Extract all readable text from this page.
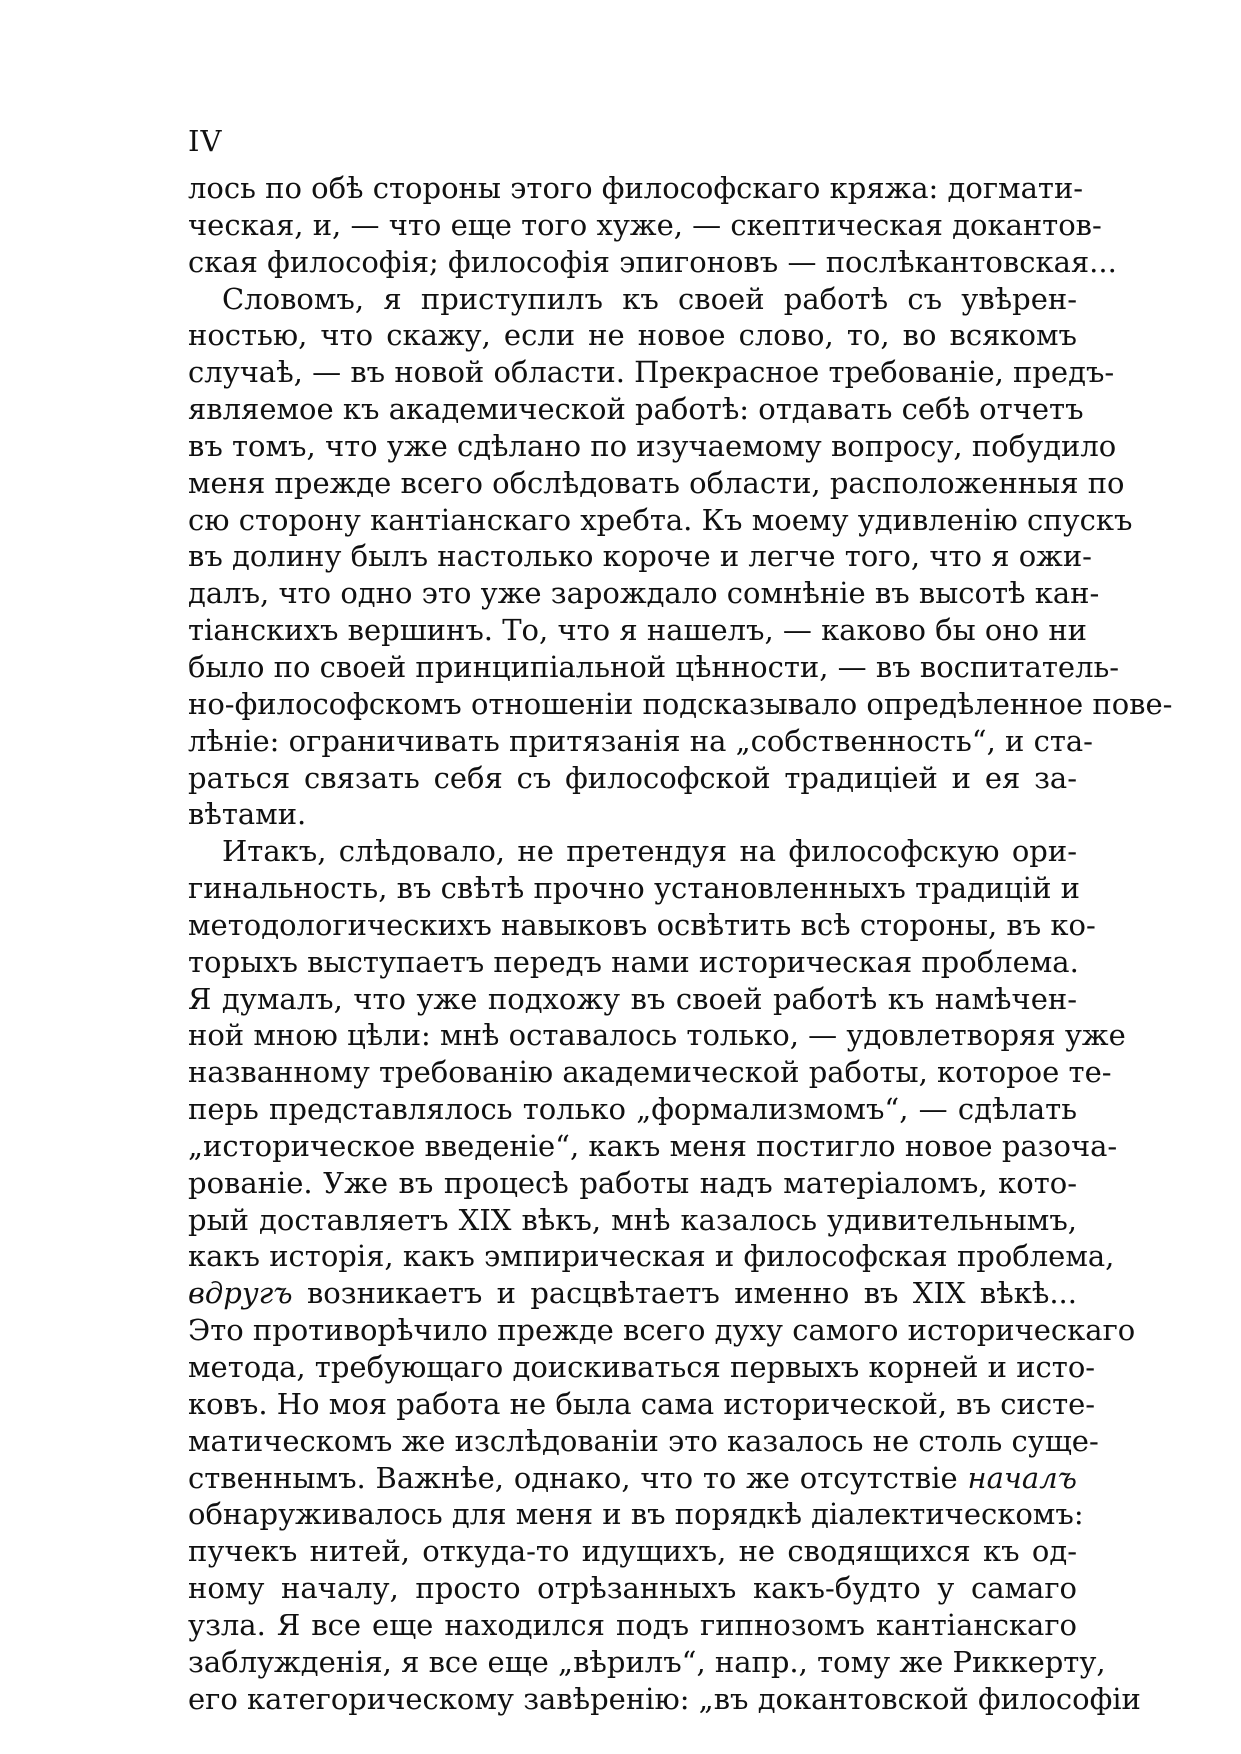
IV
лось по обѣ стороны этого философскаго кряжа: догмати-
ческая, и, — что еще того хуже, — скептическая докантов-
ская философія; философія эпигоновъ — послѣкантовская...
Словомъ, я приступилъ къ своей работѣ съ увѣрен-
ностью, что скажу, если не новое слово, то, во всякомъ
случаѣ, — въ новой области. Прекрасное требованіе, предъ-
являемое къ академической работѣ: отдавать себѣ отчетъ
въ томъ, что уже сдѣлано по изучаемому вопросу, побудило
меня прежде всего обслѣдовать области, расположенныя по
сю сторону кантіанскаго хребта. Къ моему удивленію спускъ
въ долину былъ настолько короче и легче того, что я ожи-
далъ, что одно это уже зарождало сомнѣніе въ высотѣ кан-
тіанскихъ вершинъ. То, что я нашелъ, — каково бы оно ни
было по своей принципіальной цѣнности, — въ воспитатель-
но-философскомъ отношеніи подсказывало опредѣленное повe-
лѣніе: ограничивать притязанія на „собственность“, и ста-
раться связать себя съ философской традиціей и ея за-
вѣтами.
Итакъ, слѣдовало, не претендуя на философскую ори-
гинальность, въ свѣтѣ прочно установленныхъ традицій и
методологическихъ навыковъ освѣтить всѣ стороны, въ ко-
торыхъ выступаетъ передъ нами историческая проблема.
Я думалъ, что уже подхожу въ своей работѣ къ намѣчен-
ной мною цѣли: мнѣ оставалось только, — удовлетворяя уже
названному требованію академической работы, которое те-
перь представлялось только „формализмомъ“, — сдѣлать
„историческое введеніе“, какъ меня постигло новое разоча-
рованіе. Уже въ процесѣ работы надъ матеріаломъ, кото-
рый доставляетъ XIX вѣкъ, мнѣ казалось удивительнымъ,
какъ исторія, какъ эмпирическая и философская проблема,
вдругъ возникаетъ и расцвѣтаетъ именно въ XIX вѣкѣ...
Это противорѣчило прежде всего духу самого историческаго
метода, требующаго доискиваться первыхъ корней и исто-
ковъ. Но моя работа не была сама исторической, въ систе-
матическомъ же изслѣдованіи это казалось не столь суще-
ственнымъ. Важнѣе, однако, что то же отсутствіе началъ
обнаруживалось для меня и въ порядкѣ діалектическомъ:
пучекъ нитей, откуда-то идущихъ, не сводящихся къ од-
ному началу, просто отрѣзанныхъ какъ-будто у самаго
узла. Я все еще находился подъ гипнозомъ кантіанскаго
заблужденія, я все еще „вѣрилъ“, напр., тому же Риккерту,
его категорическому завѣренію: „въ докантовской философіи
